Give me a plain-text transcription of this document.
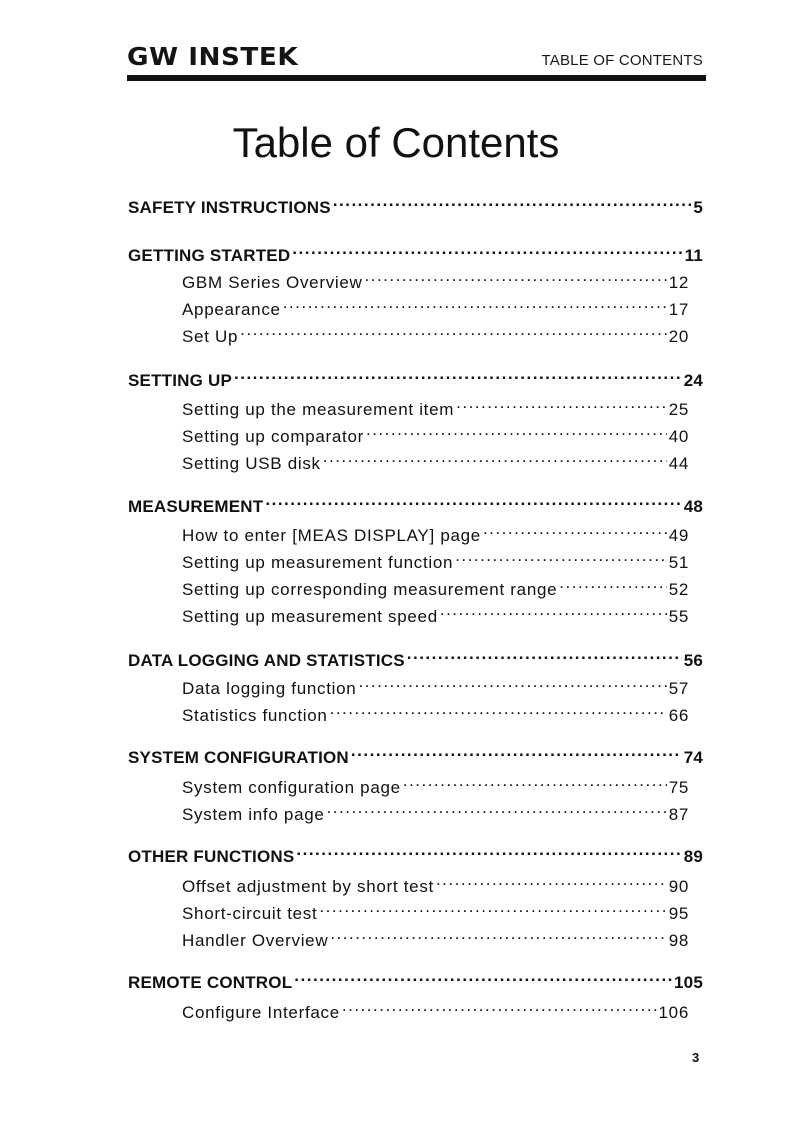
GW INSTEK	TABLE OF CONTENTS
Table of Contents
SAFETY INSTRUCTIONS .....	5
GETTING STARTED .....	11
GBM Series Overview .....	12
Appearance .....	17
Set Up .....	20
SETTING UP .....	24
Setting up the measurement item .....	25
Setting up comparator .....	40
Setting USB disk .....	44
MEASUREMENT .....	48
How to enter [MEAS DISPLAY] page .....	49
Setting up measurement function .....	51
Setting up corresponding measurement range .....	52
Setting up measurement speed .....	55
DATA LOGGING AND STATISTICS .....	56
Data logging function .....	57
Statistics function .....	66
SYSTEM CONFIGURATION .....	74
System configuration page .....	75
System info page .....	87
OTHER FUNCTIONS .....	89
Offset adjustment by short test .....	90
Short-circuit test .....	95
Handler Overview .....	98
REMOTE CONTROL .....	105
Configure Interface .....	106
3
